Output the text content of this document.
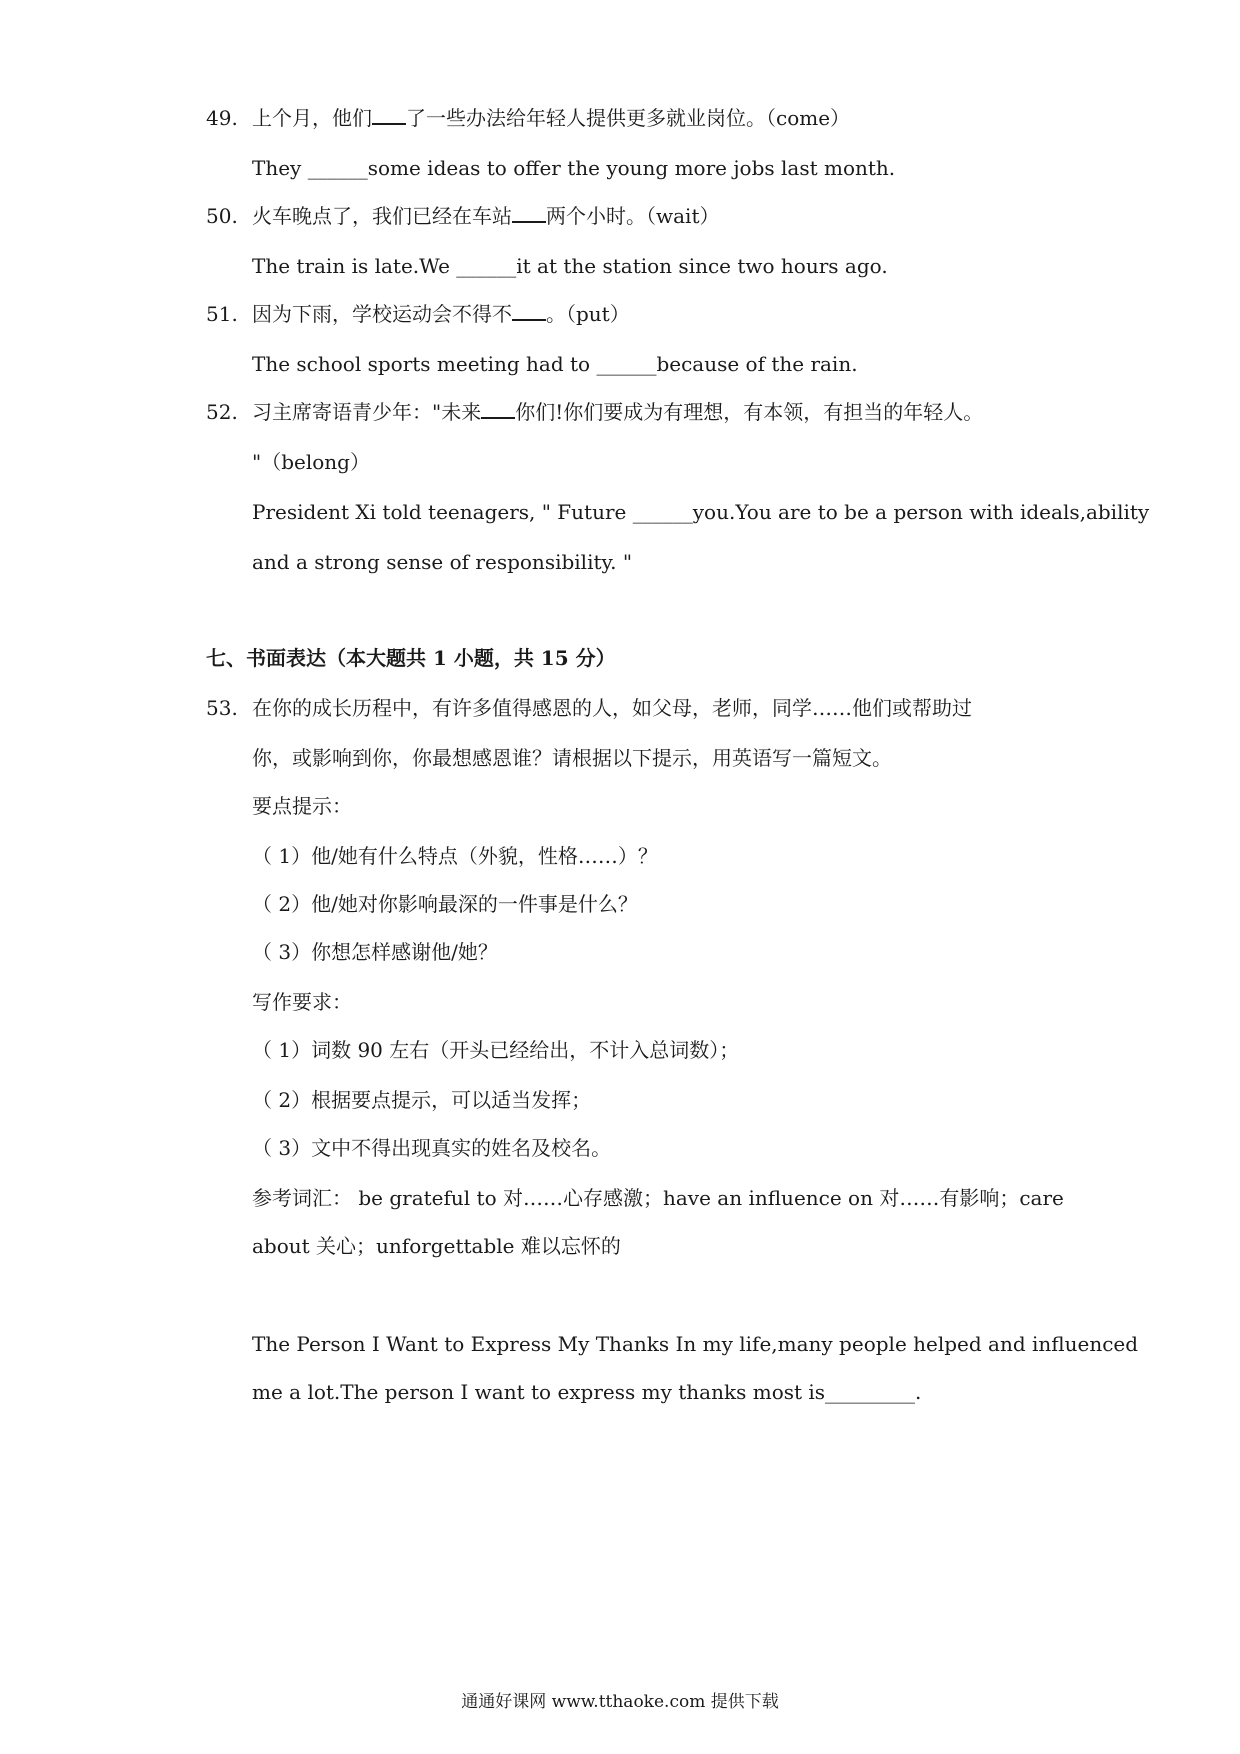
49. 上个月，他们 了一些办法给年轻人提供更多就业岗位。（come）
They ______some ideas to offer the young more jobs last month.
50. 火车晚点了，我们已经在车站 两个小时。（wait）
The train is late.We ______it at the station since two hours ago.
51. 因为下雨，学校运动会不得不 。（put）
The school sports meeting had to ______because of the rain.
52. 习主席寄语青少年："未来 你们!你们要成为有理想，有本领，有担当的年轻人。
"（belong）
President Xi told teenagers, " Future ______you.You are to be a person with ideals,ability
and a strong sense of responsibility. "
七、书面表达（本大题共 1 小题，共 15 分）
53. 在你的成长历程中，有许多值得感恩的人，如父母，老师，同学……他们或帮助过
你，或影响到你，你最想感恩谁？请根据以下提示，用英语写一篇短文。
要点提示：
（ 1）他/她有什么特点（外貌，性格……）？
（ 2）他/她对你影响最深的一件事是什么？
（ 3）你想怎样感谢他/她？
写作要求：
（ 1）词数 90 左右（开头已经给出，不计入总词数）；
（ 2）根据要点提示，可以适当发挥；
（ 3）文中不得出现真实的姓名及校名。
参考词汇： be grateful to 对……心存感激；have an influence on 对……有影响；care
about 关心；unforgettable 难以忘怀的
The Person I Want to Express My Thanks In my life,many people helped and influenced
me a lot.The person I want to express my thanks most is_________.
通通好课网 www.tthaoke.com 提供下载
